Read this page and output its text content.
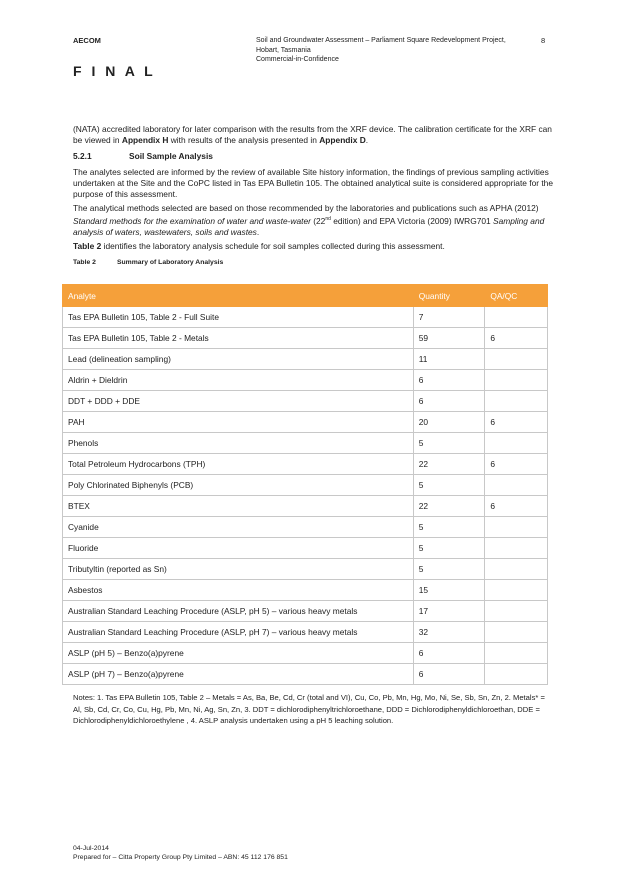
AECOM
F I N A L
Soil and Groundwater Assessment – Parliament Square Redevelopment Project,
Hobart, Tasmania
Commercial-in-Confidence
8

(NATA) accredited laboratory for later comparison with the results from the XRF device. The calibration certificate for the XRF can be viewed in Appendix H with results of the analysis presented in Appendix D.

5.2.1	Soil Sample Analysis

The analytes selected are informed by the review of available Site history information, the findings of previous sampling activities undertaken at the Site and the CoPC listed in Tas EPA Bulletin 105. The obtained analytical suite is considered appropriate for the purpose of this assessment.

The analytical methods selected are based on those recommended by the laboratories and publications such as APHA (2012) Standard methods for the examination of water and waste-water (22nd edition) and EPA Victoria (2009) IWRG701 Sampling and analysis of waters, wastewaters, soils and wastes.

Table 2 identifies the laboratory analysis schedule for soil samples collected during this assessment.

Table 2	Summary of Laboratory Analysis
Analyte	Quantity	QA/QC
Tas EPA Bulletin 105, Table 2 - Full Suite	7	
Tas EPA Bulletin 105, Table 2 - Metals	59	6
Lead (delineation sampling)	11	
Aldrin + Dieldrin	6	
DDT + DDD + DDE	6	
PAH	20	6
Phenols	5	
Total Petroleum Hydrocarbons (TPH)	22	6
Poly Chlorinated Biphenyls (PCB)	5	
BTEX	22	6
Cyanide	5	
Fluoride	5	
Tributyltin (reported as Sn)	5	
Asbestos	15	
Australian Standard Leaching Procedure (ASLP, pH 5) – various heavy metals	17	
Australian Standard Leaching Procedure (ASLP, pH 7) – various heavy metals	32	
ASLP (pH 5) – Benzo(a)pyrene	6	
ASLP (pH 7) – Benzo(a)pyrene	6	
Notes: 1. Tas EPA Bulletin 105, Table 2 – Metals = As, Ba, Be, Cd, Cr (total and VI), Cu, Co, Pb, Mn, Hg, Mo, Ni, Se, Sb, Sn, Zn, 2. Metals* = Al, Sb, Cd, Cr, Co, Cu, Hg, Pb, Mn, Ni, Ag, Sn, Zn, 3. DDT = dichlorodiphenyltrichloroethane, DDD = Dichlorodiphenyldichloroethan, DDE = Dichlorodiphenyldichloroethylene , 4. ASLP analysis undertaken using a pH 5 leaching solution.
04-Jul-2014
Prepared for – Citta Property Group Pty Limited – ABN: 45 112 176 851
